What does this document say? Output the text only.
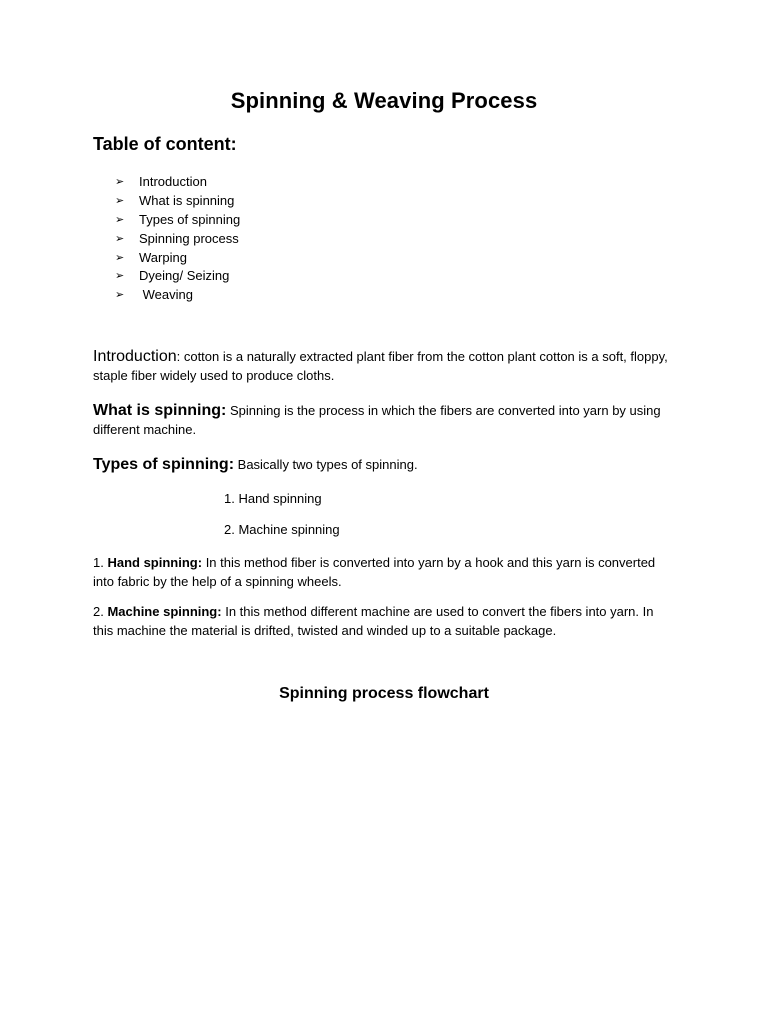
Spinning & Weaving Process
Table of content:
➢	Introduction
➢	What is spinning
➢	Types of spinning
➢	Spinning process
➢	Warping
➢	Dyeing/ Seizing
➢	Weaving
Introduction: cotton is a naturally extracted plant fiber from the cotton plant cotton is a soft, floppy, staple fiber widely used to produce cloths.
What is spinning: Spinning is the process in which the fibers are converted into yarn by using different machine.
Types of spinning: Basically two types of spinning.
1. Hand spinning
2. Machine spinning
1. Hand spinning: In this method fiber is converted into yarn by a hook and this yarn is converted into fabric by the help of a spinning wheels.
2. Machine spinning: In this method different machine are used to convert the fibers into yarn. In this machine the material is drifted, twisted and winded up to a suitable package.
Spinning process flowchart
